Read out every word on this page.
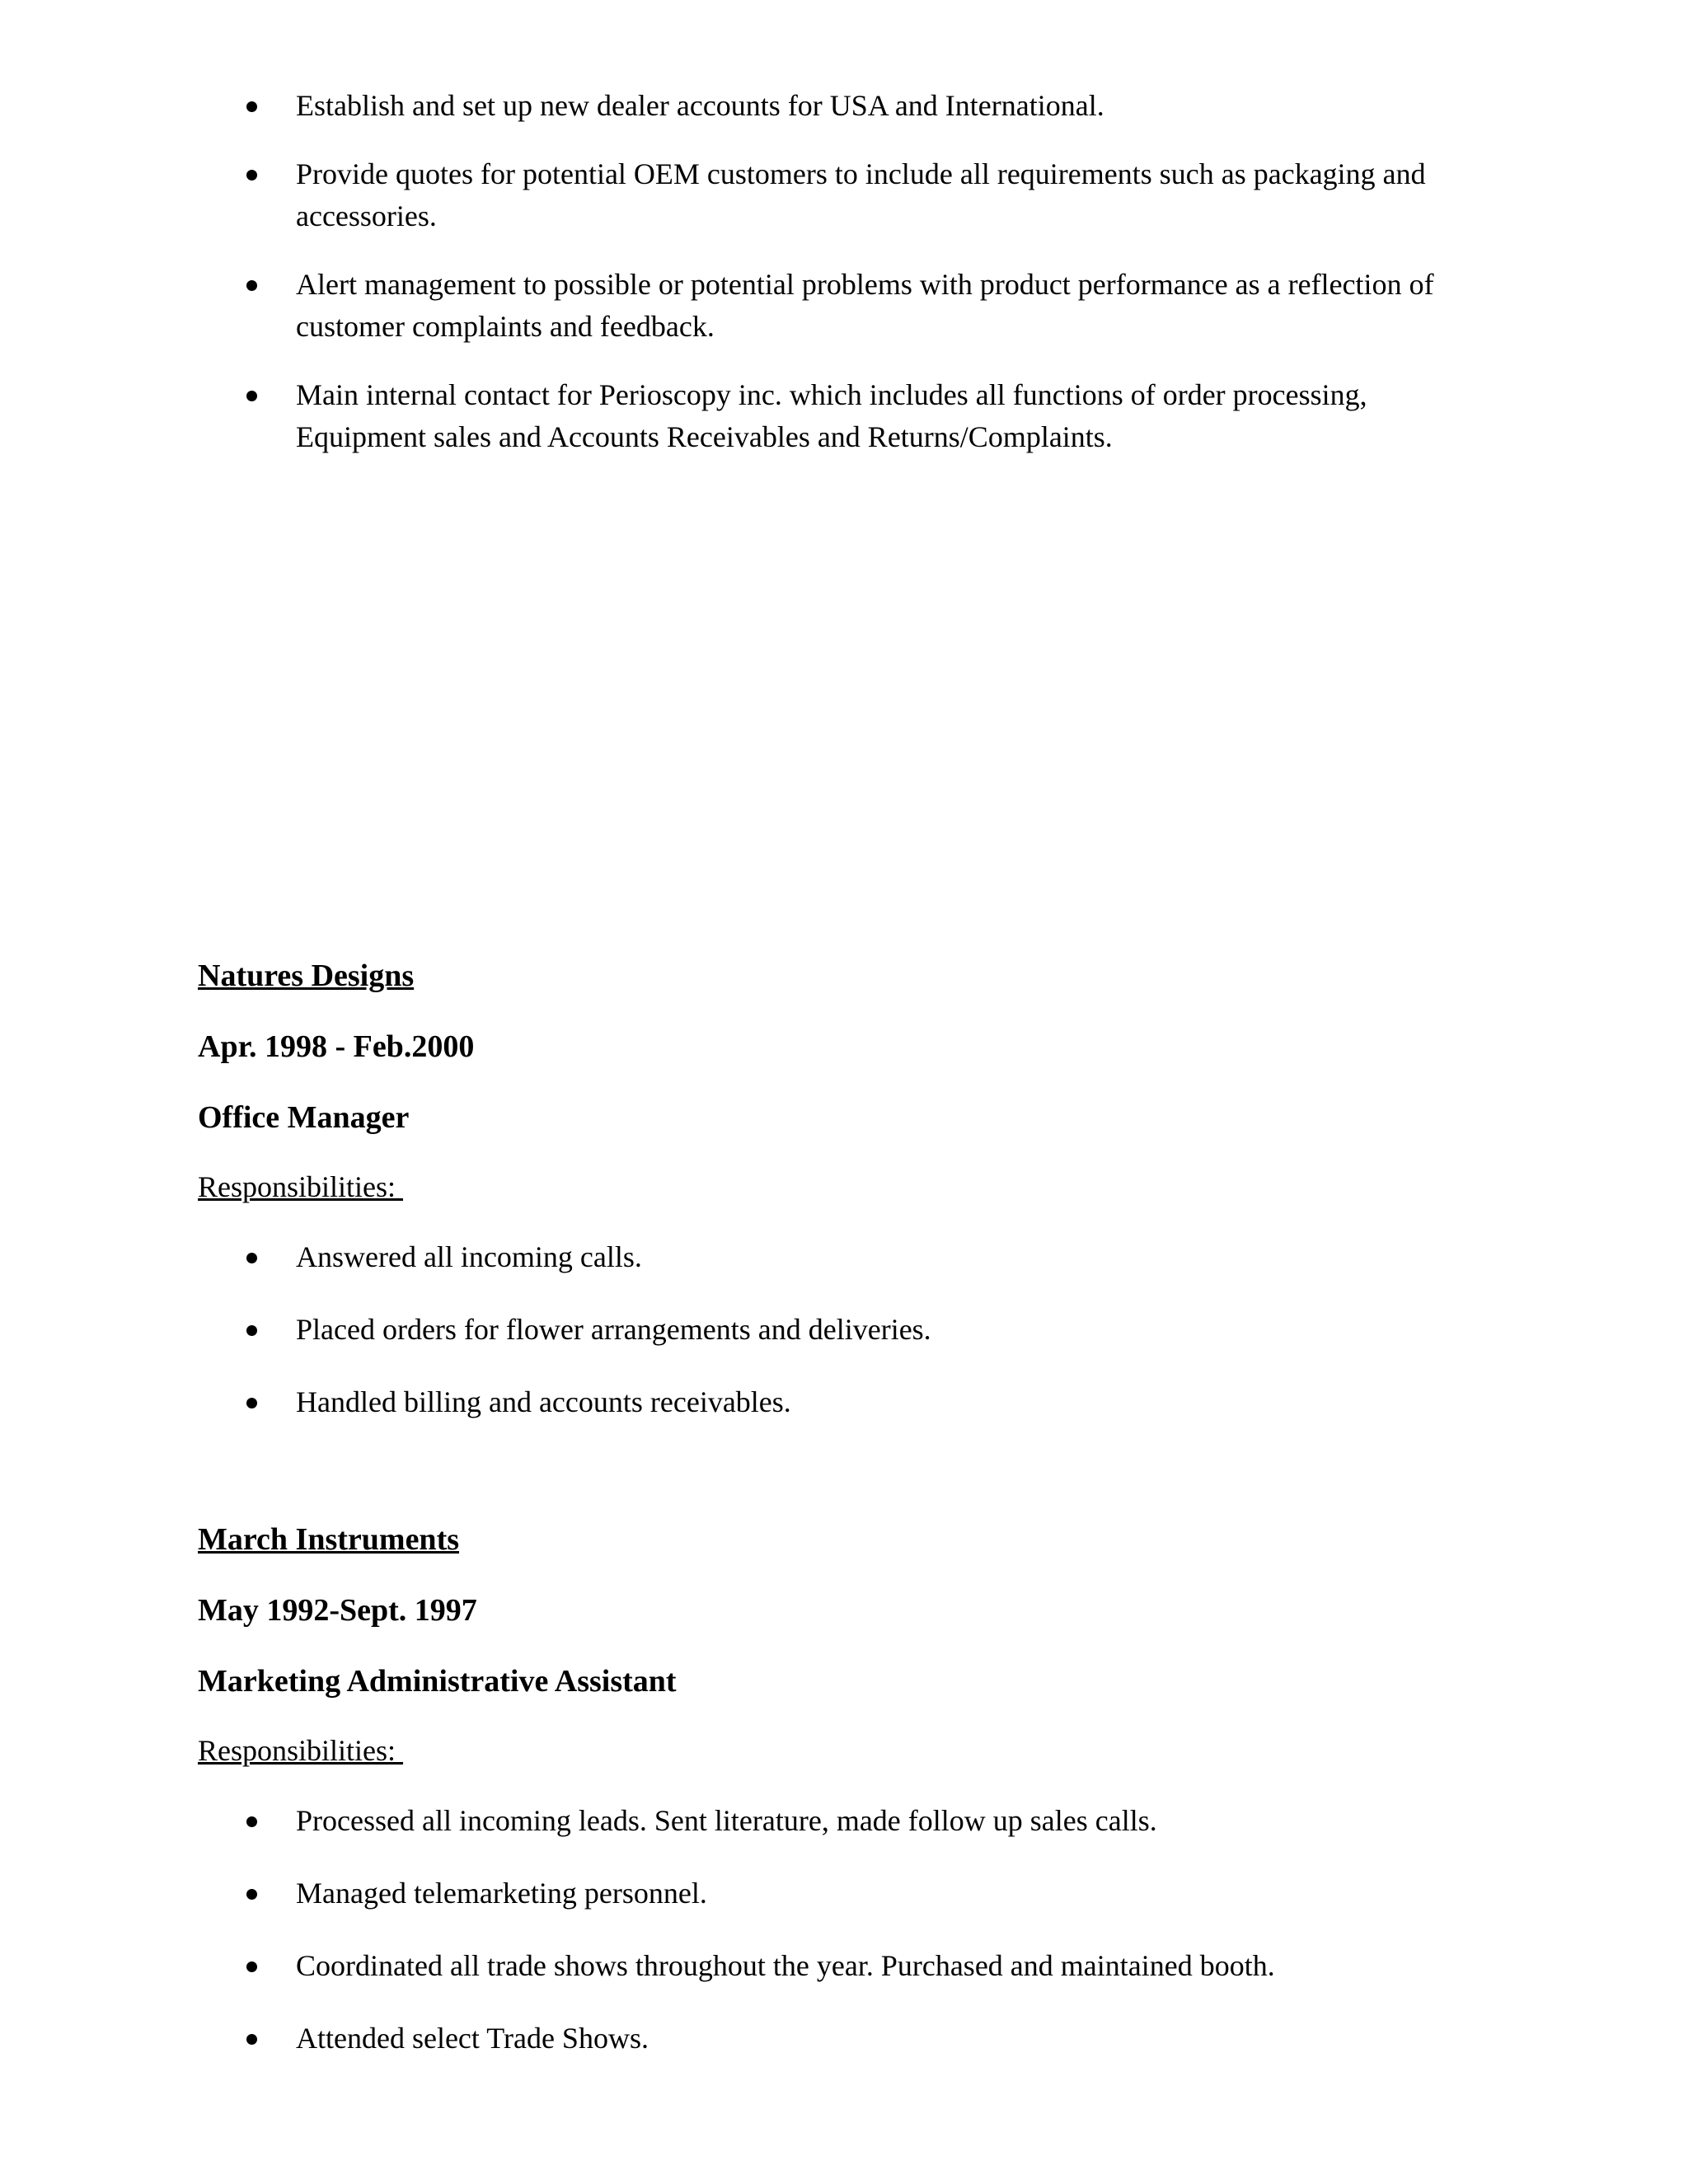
Establish and set up new dealer accounts for USA and International.
Provide quotes for potential OEM customers to include all requirements such as packaging and accessories.
Alert management to possible or potential problems with product performance as a reflection of customer complaints and feedback.
Main internal contact for Perioscopy inc. which includes all functions of order processing, Equipment sales and Accounts Receivables and Returns/Complaints.

Natures Designs

Apr. 1998 - Feb.2000

Office Manager

Responsibilities:

Answered all incoming calls.
Placed orders for flower arrangements and deliveries.
Handled billing and accounts receivables.

March Instruments

May 1992-Sept. 1997

Marketing Administrative Assistant

Responsibilities:

Processed all incoming leads. Sent literature, made follow up sales calls.
Managed telemarketing personnel.
Coordinated all trade shows throughout the year. Purchased and maintained booth.
Attended select Trade Shows.
